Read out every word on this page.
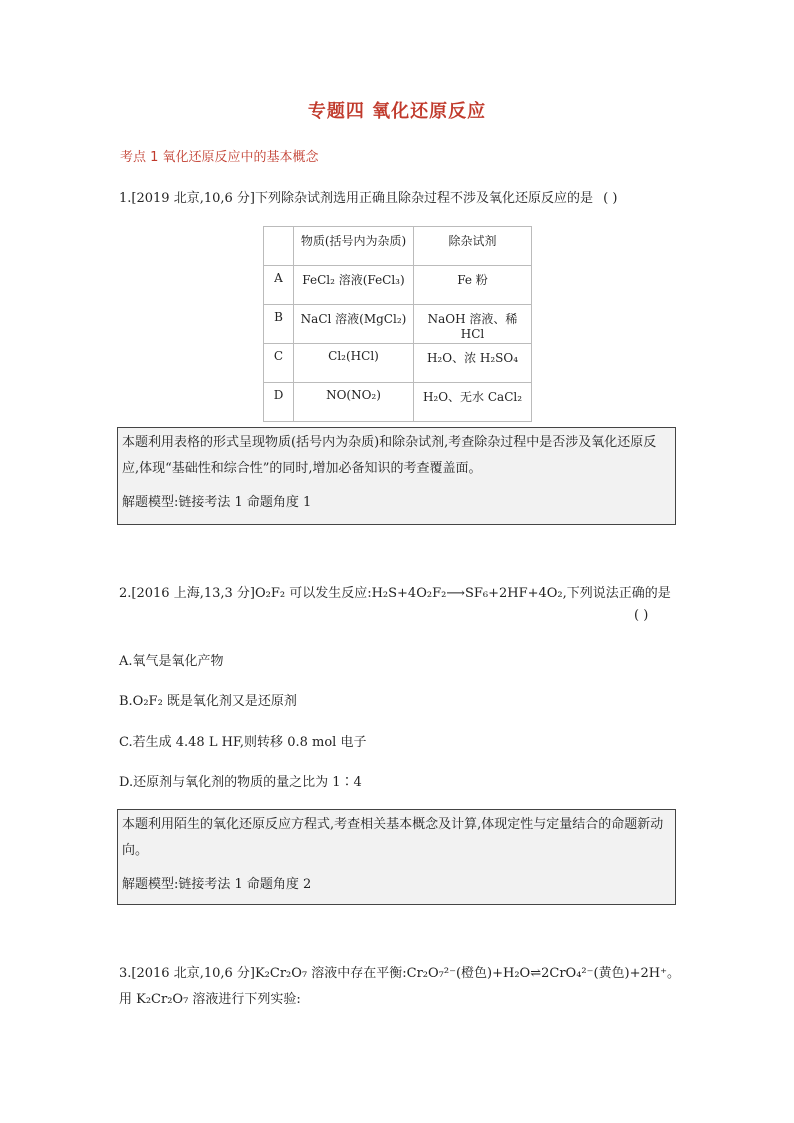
专题四 氧化还原反应
考点 1 氧化还原反应中的基本概念
1.[2019 北京,10,6 分]下列除杂试剂选用正确且除杂过程不涉及氧化还原反应的是 ( )
	物质(括号内为杂质)	除杂试剂
A	FeCl₂ 溶液(FeCl₃)	Fe 粉
B	NaCl 溶液(MgCl₂)	NaOH 溶液、稀 HCl
C	Cl₂(HCl)	H₂O、浓 H₂SO₄
D	NO(NO₂)	H₂O、无水 CaCl₂
本题利用表格的形式呈现物质(括号内为杂质)和除杂试剂,考查除杂过程中是否涉及氧化还原反应,体现“基础性和综合性”的同时,增加必备知识的考查覆盖面。
解题模型:链接考法 1 命题角度 1
2.[2016 上海,13,3 分]O₂F₂ 可以发生反应:H₂S+4O₂F₂⟶SF₆+2HF+4O₂,下列说法正确的是
( )
A.氧气是氧化产物
B.O₂F₂ 既是氧化剂又是还原剂
C.若生成 4.48 L HF,则转移 0.8 mol 电子
D.还原剂与氧化剂的物质的量之比为 1∶4
本题利用陌生的氧化还原反应方程式,考查相关基本概念及计算,体现定性与定量结合的命题新动向。
解题模型:链接考法 1 命题角度 2
3.[2016 北京,10,6 分]K₂Cr₂O₇ 溶液中存在平衡:Cr₂O₇²⁻(橙色)+H₂O⇌2CrO₄²⁻(黄色)+2H⁺。
用 K₂Cr₂O₇ 溶液进行下列实验:
